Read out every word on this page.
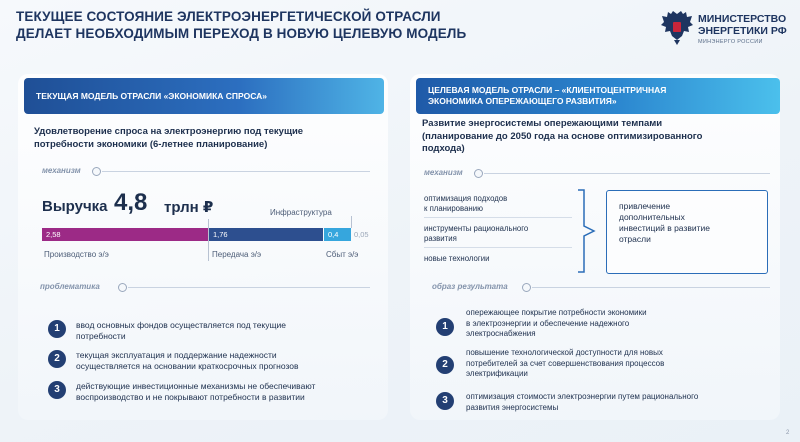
ТЕКУЩЕЕ СОСТОЯНИЕ ЭЛЕКТРОЭНЕРГЕТИЧЕСКОЙ ОТРАСЛИ
ДЕЛАЕТ НЕОБХОДИМЫМ ПЕРЕХОД В НОВУЮ ЦЕЛЕВУЮ МОДЕЛЬ
МИНИСТЕРСТВО
ЭНЕРГЕТИКИ РФ
МИНЭНЕРГО РОССИИ
ТЕКУЩАЯ МОДЕЛЬ ОТРАСЛИ «ЭКОНОМИКА СПРОСА»
Удовлетворение спроса на электроэнергию под текущие
потребности экономики (6-летнее планирование)
механизм
Выручка 4,8 трлн ₽	Инфраструктура
2,58	1,76	0,4	0,05
Производство э/э	Передача э/э	Сбыт э/э
проблематика
1	ввод основных фондов осуществляется под текущие
потребности
2	текущая эксплуатация и поддержание надежности
осуществляется на основании краткосрочных прогнозов
3	действующие инвестиционные механизмы не обеспечивают
воспроизводство и не покрывают потребности в развитии
ЦЕЛЕВАЯ МОДЕЛЬ ОТРАСЛИ – «КЛИЕНТОЦЕНТРИЧНАЯ
ЭКОНОМИКА ОПЕРЕЖАЮЩЕГО РАЗВИТИЯ»
Развитие энергосистемы опережающими темпами
(планирование до 2050 года на основе оптимизированного
подхода)
механизм
оптимизация подходов
к планированию
инструменты рационального
развития
новые технологии
привлечение
дополнительных
инвестиций в развитие
отрасли
образ результата
1
опережающее покрытие потребности экономики
в электроэнергии и обеспечение надежного
электроснабжения
2
повышение технологической доступности для новых
потребителей за счет совершенствования процессов
электрификации
3	оптимизация стоимости электроэнергии путем рационального
развития энергосистемы
2
